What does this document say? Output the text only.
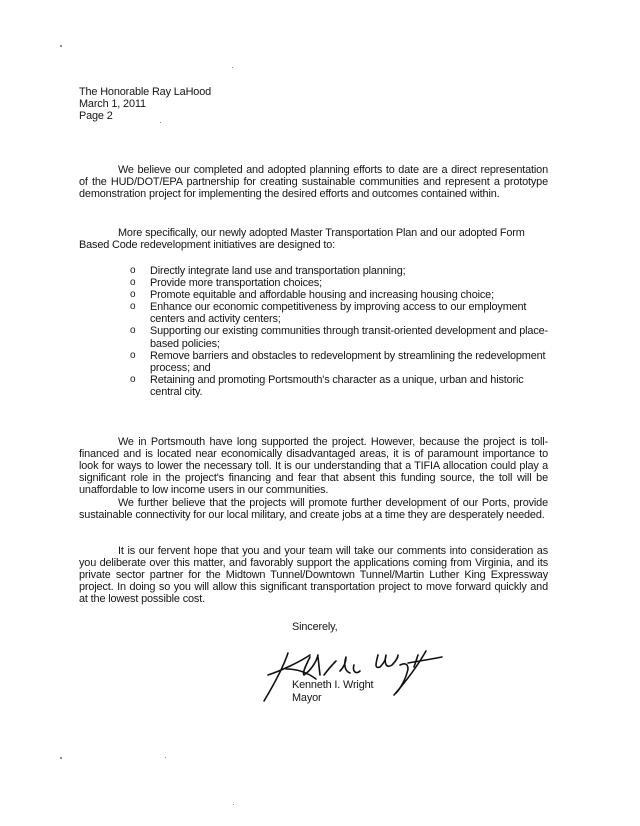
The Honorable Ray LaHood
March 1, 2011
Page 2

We believe our completed and adopted planning efforts to date are a direct representation of the HUD/DOT/EPA partnership for creating sustainable communities and represent a prototype demonstration project for implementing the desired efforts and outcomes contained within.

More specifically, our newly adopted Master Transportation Plan and our adopted Form Based Code redevelopment initiatives are designed to:

o Directly integrate land use and transportation planning;
o Provide more transportation choices;
o Promote equitable and affordable housing and increasing housing choice;
o Enhance our economic competitiveness by improving access to our employment centers and activity centers;
o Supporting our existing communities through transit-oriented development and place-based policies;
o Remove barriers and obstacles to redevelopment by streamlining the redevelopment process; and
o Retaining and promoting Portsmouth's character as a unique, urban and historic central city.

We in Portsmouth have long supported the project. However, because the project is toll-financed and is located near economically disadvantaged areas, it is of paramount importance to look for ways to lower the necessary toll. It is our understanding that a TIFIA allocation could play a significant role in the project's financing and fear that absent this funding source, the toll will be unaffordable to low income users in our communities.

We further believe that the projects will promote further development of our Ports, provide sustainable connectivity for our local military, and create jobs at a time they are desperately needed.

It is our fervent hope that you and your team will take our comments into consideration as you deliberate over this matter, and favorably support the applications coming from Virginia, and its private sector partner for the Midtown Tunnel/Downtown Tunnel/Martin Luther King Expressway project. In doing so you will allow this significant transportation project to move forward quickly and at the lowest possible cost.

Sincerely,
Kenneth I. Wright
Mayor
